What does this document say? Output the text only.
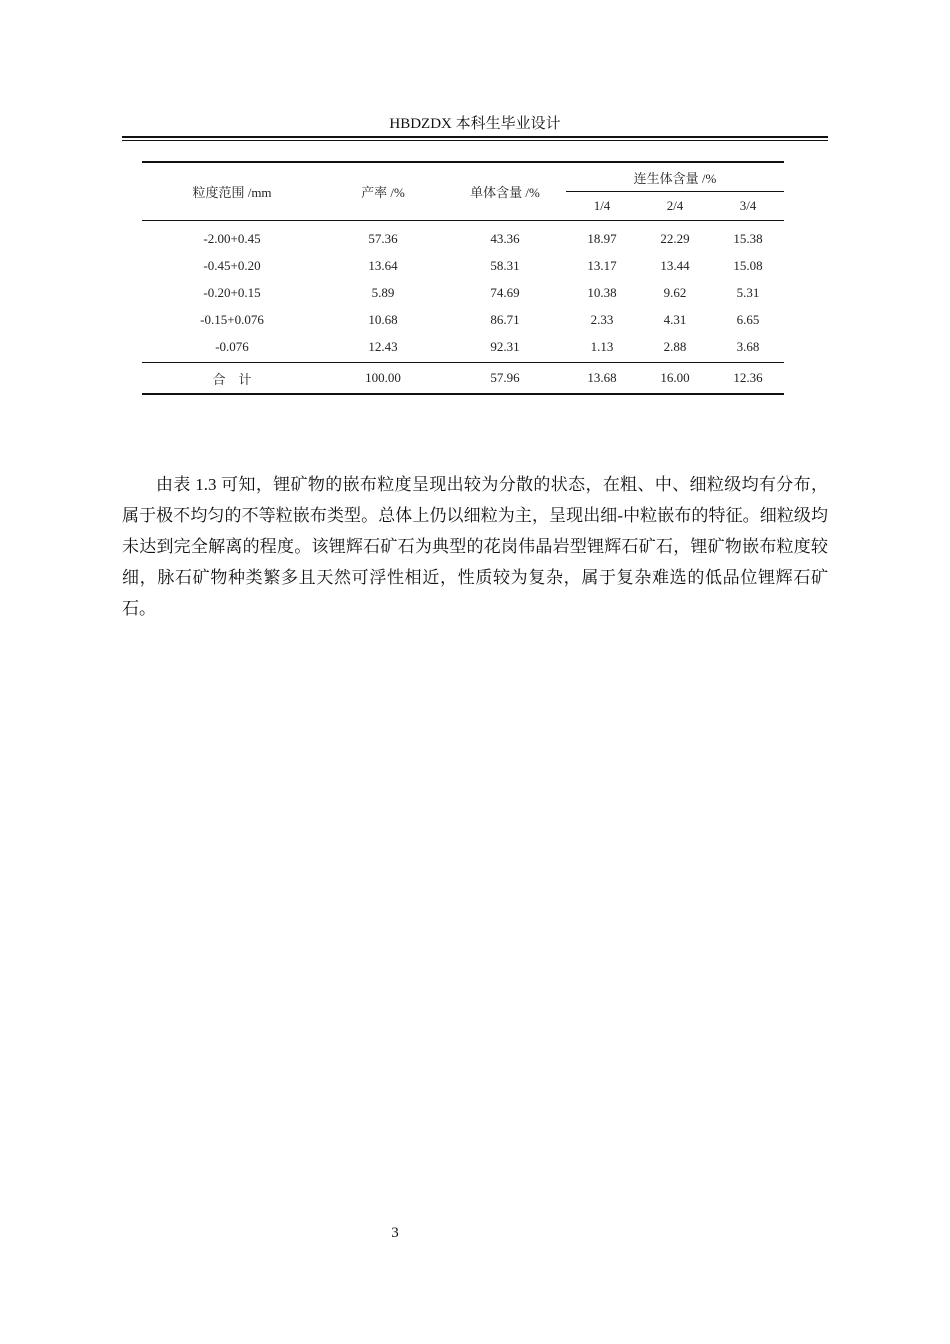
HBDZDX 本科生毕业设计
粒度范围 /mm	产率 /%	单体含量 /%	连生体含量 /%		
			1/4	2/4	3/4
-2.00+0.45	57.36	43.36	18.97	22.29	15.38
-0.45+0.20	13.64	58.31	13.17	13.44	15.08
-0.20+0.15	5.89	74.69	10.38	9.62	5.31
-0.15+0.076	10.68	86.71	2.33	4.31	6.65
-0.076	12.43	92.31	1.13	2.88	3.68
合　计	100.00	57.96	13.68	16.00	12.36

由表 1.3 可知，锂矿物的嵌布粒度呈现出较为分散的状态，在粗、中、细粒级均有分布，属于极不均匀的不等粒嵌布类型。总体上仍以细粒为主，呈现出细-中粒嵌布的特征。细粒级均未达到完全解离的程度。该锂辉石矿石为典型的花岗伟晶岩型锂辉石矿石，锂矿物嵌布粒度较细，脉石矿物种类繁多且天然可浮性相近，性质较为复杂，属于复杂难选的低品位锂辉石矿石。

3
